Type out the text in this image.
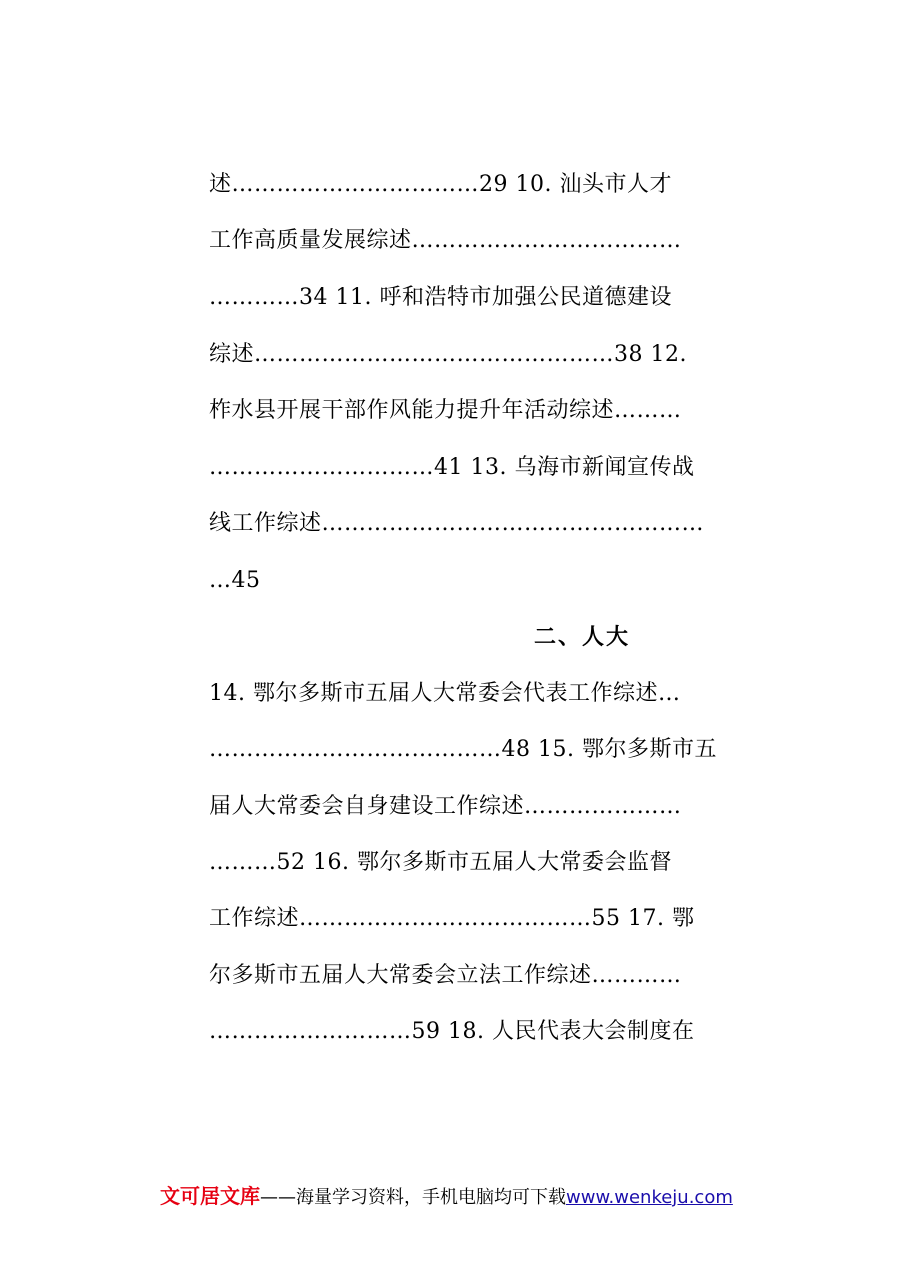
述……………………………29 10. 汕头市人才
工作高质量发展综述………………………………
…………34 11. 呼和浩特市加强公民道德建设
综述…………………………………………38 12.
柞水县开展干部作风能力提升年活动综述………
…………………………41 13. 乌海市新闻宣传战
线工作综述……………………………………………
…45
二、人大
14. 鄂尔多斯市五届人大常委会代表工作综述…
…………………………………48 15. 鄂尔多斯市五
届人大常委会自身建设工作综述…………………
………52 16. 鄂尔多斯市五届人大常委会监督
工作综述…………………………………55 17. 鄂
尔多斯市五届人大常委会立法工作综述…………
………………………59 18. 人民代表大会制度在
文可居文库——海量学习资料，手机电脑均可下载www.wenkeju.com
